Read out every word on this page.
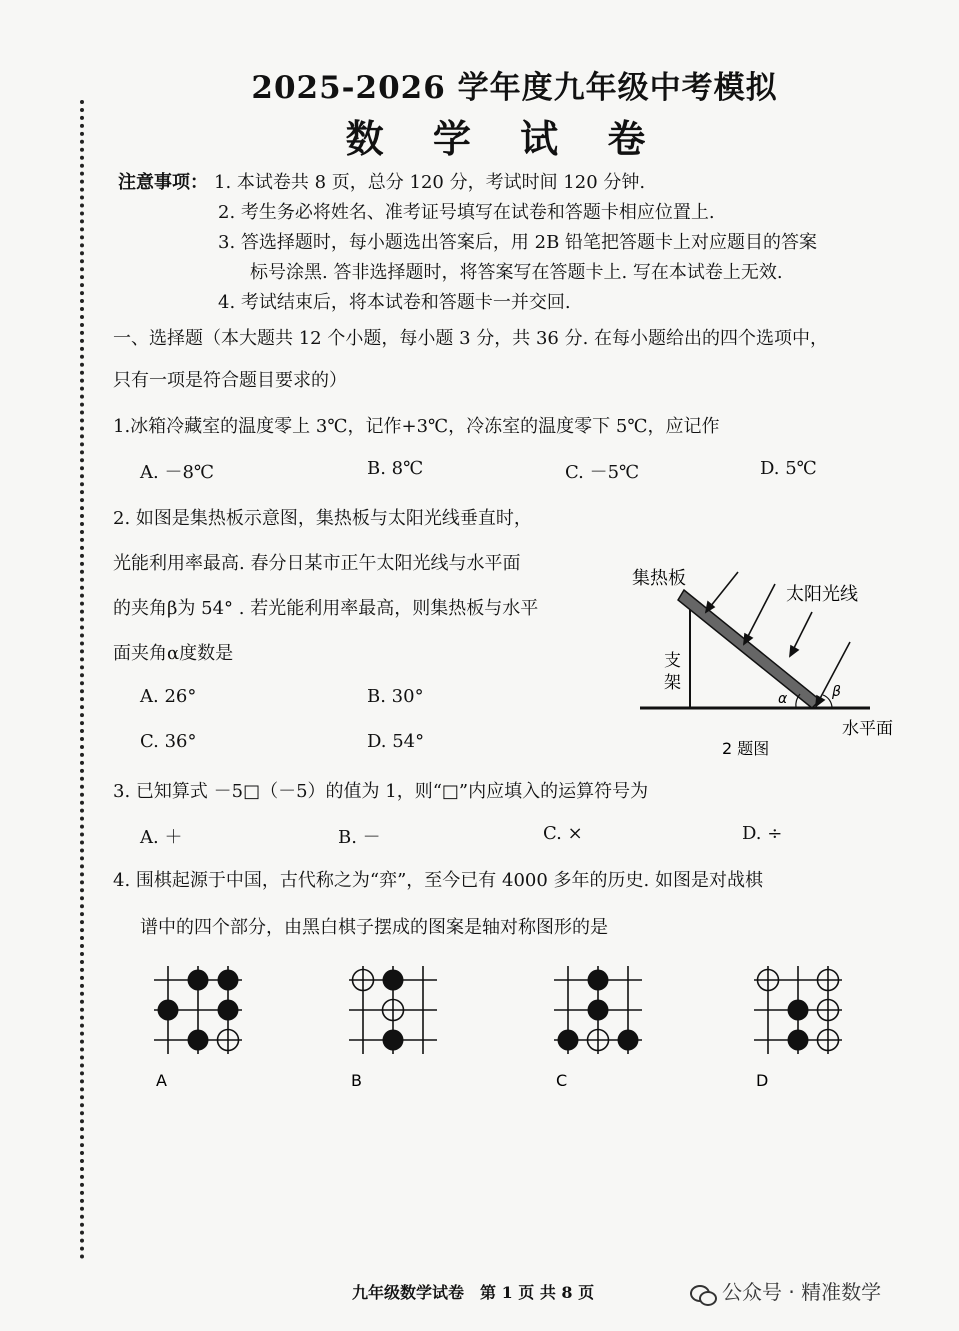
2025-2026 学年度九年级中考模拟
数 学 试 卷
注意事项： 1. 本试卷共 8 页，总分 120 分，考试时间 120 分钟.
2. 考生务必将姓名、准考证号填写在试卷和答题卡相应位置上.
3. 答选择题时，每小题选出答案后，用 2B 铅笔把答题卡上对应题目的答案
标号涂黑. 答非选择题时，将答案写在答题卡上. 写在本试卷上无效.
4. 考试结束后，将本试卷和答题卡一并交回.
一、选择题（本大题共 12 个小题，每小题 3 分，共 36 分. 在每小题给出的四个选项中，
只有一项是符合题目要求的）
1.冰箱冷藏室的温度零上 3℃，记作+3℃，冷冻室的温度零下 5℃，应记作
A. －8℃	B. 8℃	C. －5℃	D. 5℃
2. 如图是集热板示意图，集热板与太阳光线垂直时，
光能利用率最高. 春分日某市正午太阳光线与水平面
的夹角β为 54° . 若光能利用率最高，则集热板与水平
面夹角α度数是
A. 26°	B. 30°
C. 36°	D. 54°
集热板
太阳光线
支
架
α	β
水平面
2 题图
3. 已知算式 －5□（－5）的值为 1，则“□”内应填入的运算符号为
A. ＋	B. －	C. ×	D. ÷
4. 围棋起源于中国，古代称之为“弈”，至今已有 4000 多年的历史. 如图是对战棋
谱中的四个部分，由黑白棋子摆成的图案是轴对称图形的是
A	B	C	D
九年级数学试卷　第 1 页 共 8 页	公众号 · 精准数学
